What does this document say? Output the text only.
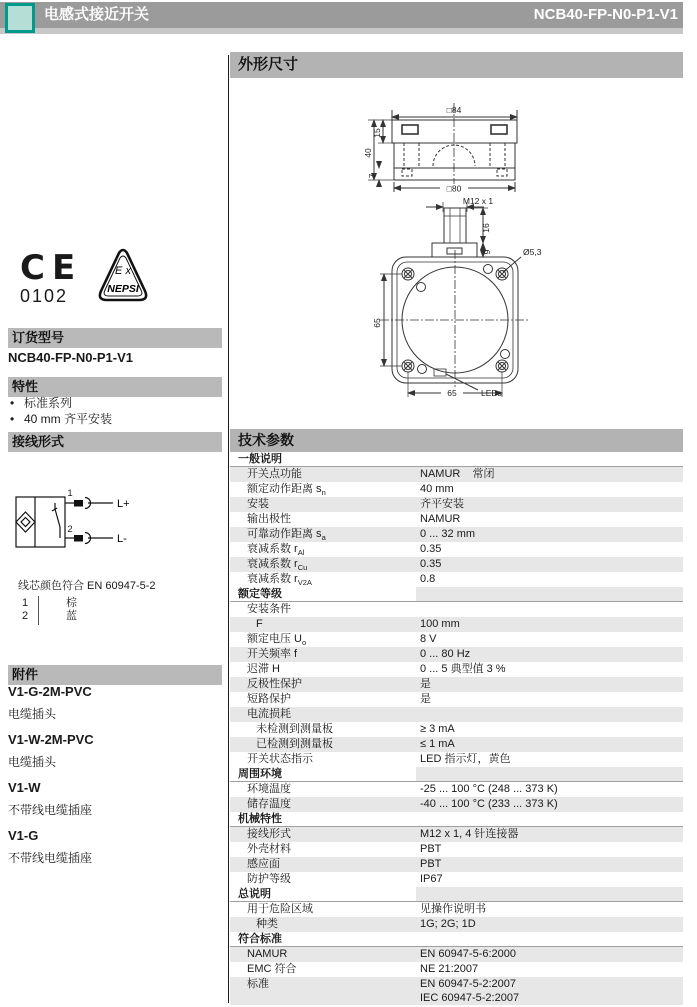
电感式接近开关	NCB40-FP-N0-P1-V1
CE
0102
E x
NEPSI
订货型号
NCB40-FP-N0-P1-V1
特性
• 标准系列
• 40 mm 齐平安装
接线形式
1
2
L+
L-
线芯颜色符合 EN 60947-5-2
1	棕
2	蓝
附件
V1-G-2M-PVC
电缆插头
V1-W-2M-PVC
电缆插头
V1-W
不带线电缆插座
V1-G
不带线电缆插座
外形尺寸
□84
40
15
7
□80
M12 x 1
16
9	Ø5,3
65
65	LEDs
技术参数
一般说明
开关点功能	NAMUR    常闭
额定动作距离 $s_n$	40 mm
安装	齐平安装
输出极性	NAMUR
可靠动作距离 $s_a$	0 ... 32 mm
衰减系数 $r_{Al}$	0.35
衰减系数 $r_{Cu}$	0.35
衰减系数 $r_{V2A}$	0.8
额定等级
安装条件
F	100 mm
额定电压 $U_o$	8 V
开关频率 f	0 ... 80 Hz
迟滞 H	0 ... 5 典型值 3 %
反极性保护	是
短路保护	是
电流损耗
未检测到测量板	≥ 3 mA
已检测到测量板	≤ 1 mA
开关状态指示	LED 指示灯，黄色
周围环境
环境温度	-25 ... 100 °C (248 ... 373 K)
储存温度	-40 ... 100 °C (233 ... 373 K)
机械特性
接线形式	M12 x 1, 4 针连接器
外壳材料	PBT
感应面	PBT
防护等级	IP67
总说明
用于危险区域	见操作说明书
种类	1G; 2G; 1D
符合标准
NAMUR	EN 60947-5-6:2000
EMC 符合	NE 21:2007
标准	EN 60947-5-2:2007
IEC 60947-5-2:2007
